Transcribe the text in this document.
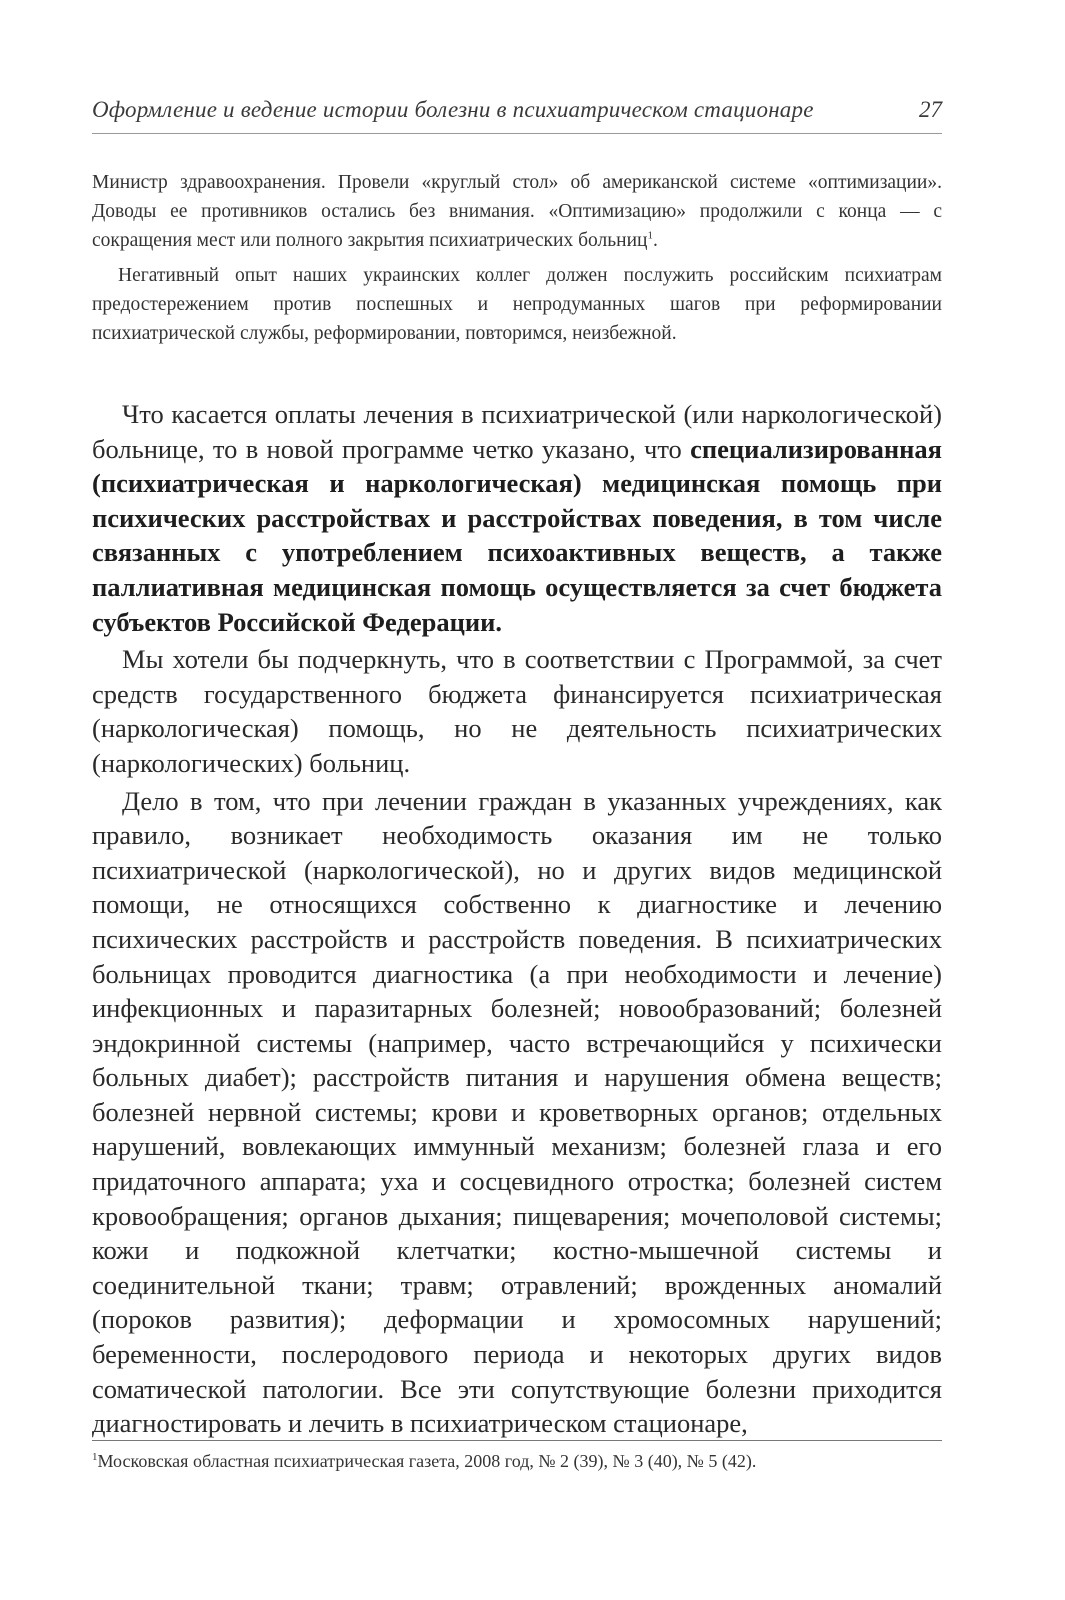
Оформление и ведение истории болезни в психиатрическом стационаре	27

Министр здравоохранения. Провели «круглый стол» об американской системе «оптимизации». Доводы ее противников остались без внимания. «Оптимизацию» продолжили с конца — с сокращения мест или полного закрытия психиатрических больниц$^1$.

Негативный опыт наших украинских коллег должен послужить российским психиатрам предостережением против поспешных и непродуманных шагов при реформировании психиатрической службы, реформировании, повторимся, неизбежной.

Что касается оплаты лечения в психиатрической (или наркологической) больнице, то в новой программе четко указано, что специализированная (психиатрическая и наркологическая) медицинская помощь при психических расстройствах и расстройствах поведения, в том числе связанных с употреблением психоактивных веществ, а также паллиативная медицинская помощь осуществляется за счет бюджета субъектов Российской Федерации.

Мы хотели бы подчеркнуть, что в соответствии с Программой, за счет средств государственного бюджета финансируется психиатрическая (наркологическая) помощь, но не деятельность психиатрических (наркологических) больниц.

Дело в том, что при лечении граждан в указанных учреждениях, как правило, возникает необходимость оказания им не только психиатрической (наркологической), но и других видов медицинской помощи, не относящихся собственно к диагностике и лечению психических расстройств и расстройств поведения. В психиатрических больницах проводится диагностика (а при необходимости и лечение) инфекционных и паразитарных болезней; новообразований; болезней эндокринной системы (например, часто встречающийся у психически больных диабет); расстройств питания и нарушения обмена веществ; болезней нервной системы; крови и кроветворных органов; отдельных нарушений, вовлекающих иммунный механизм; болезней глаза и его придаточного аппарата; уха и сосцевидного отростка; болезней систем кровообращения; органов дыхания; пищеварения; мочеполовой системы; кожи и подкожной клетчатки; костно-мышечной системы и соединительной ткани; травм; отравлений; врожденных аномалий (пороков развития); деформации и хромосомных нарушений; беременности, послеродового периода и некоторых других видов соматической патологии. Все эти сопутствующие болезни приходится диагностировать и лечить в психиатрическом стационаре,

$^1$Московская областная психиатрическая газета, 2008 год, № 2 (39), № 3 (40), № 5 (42).
